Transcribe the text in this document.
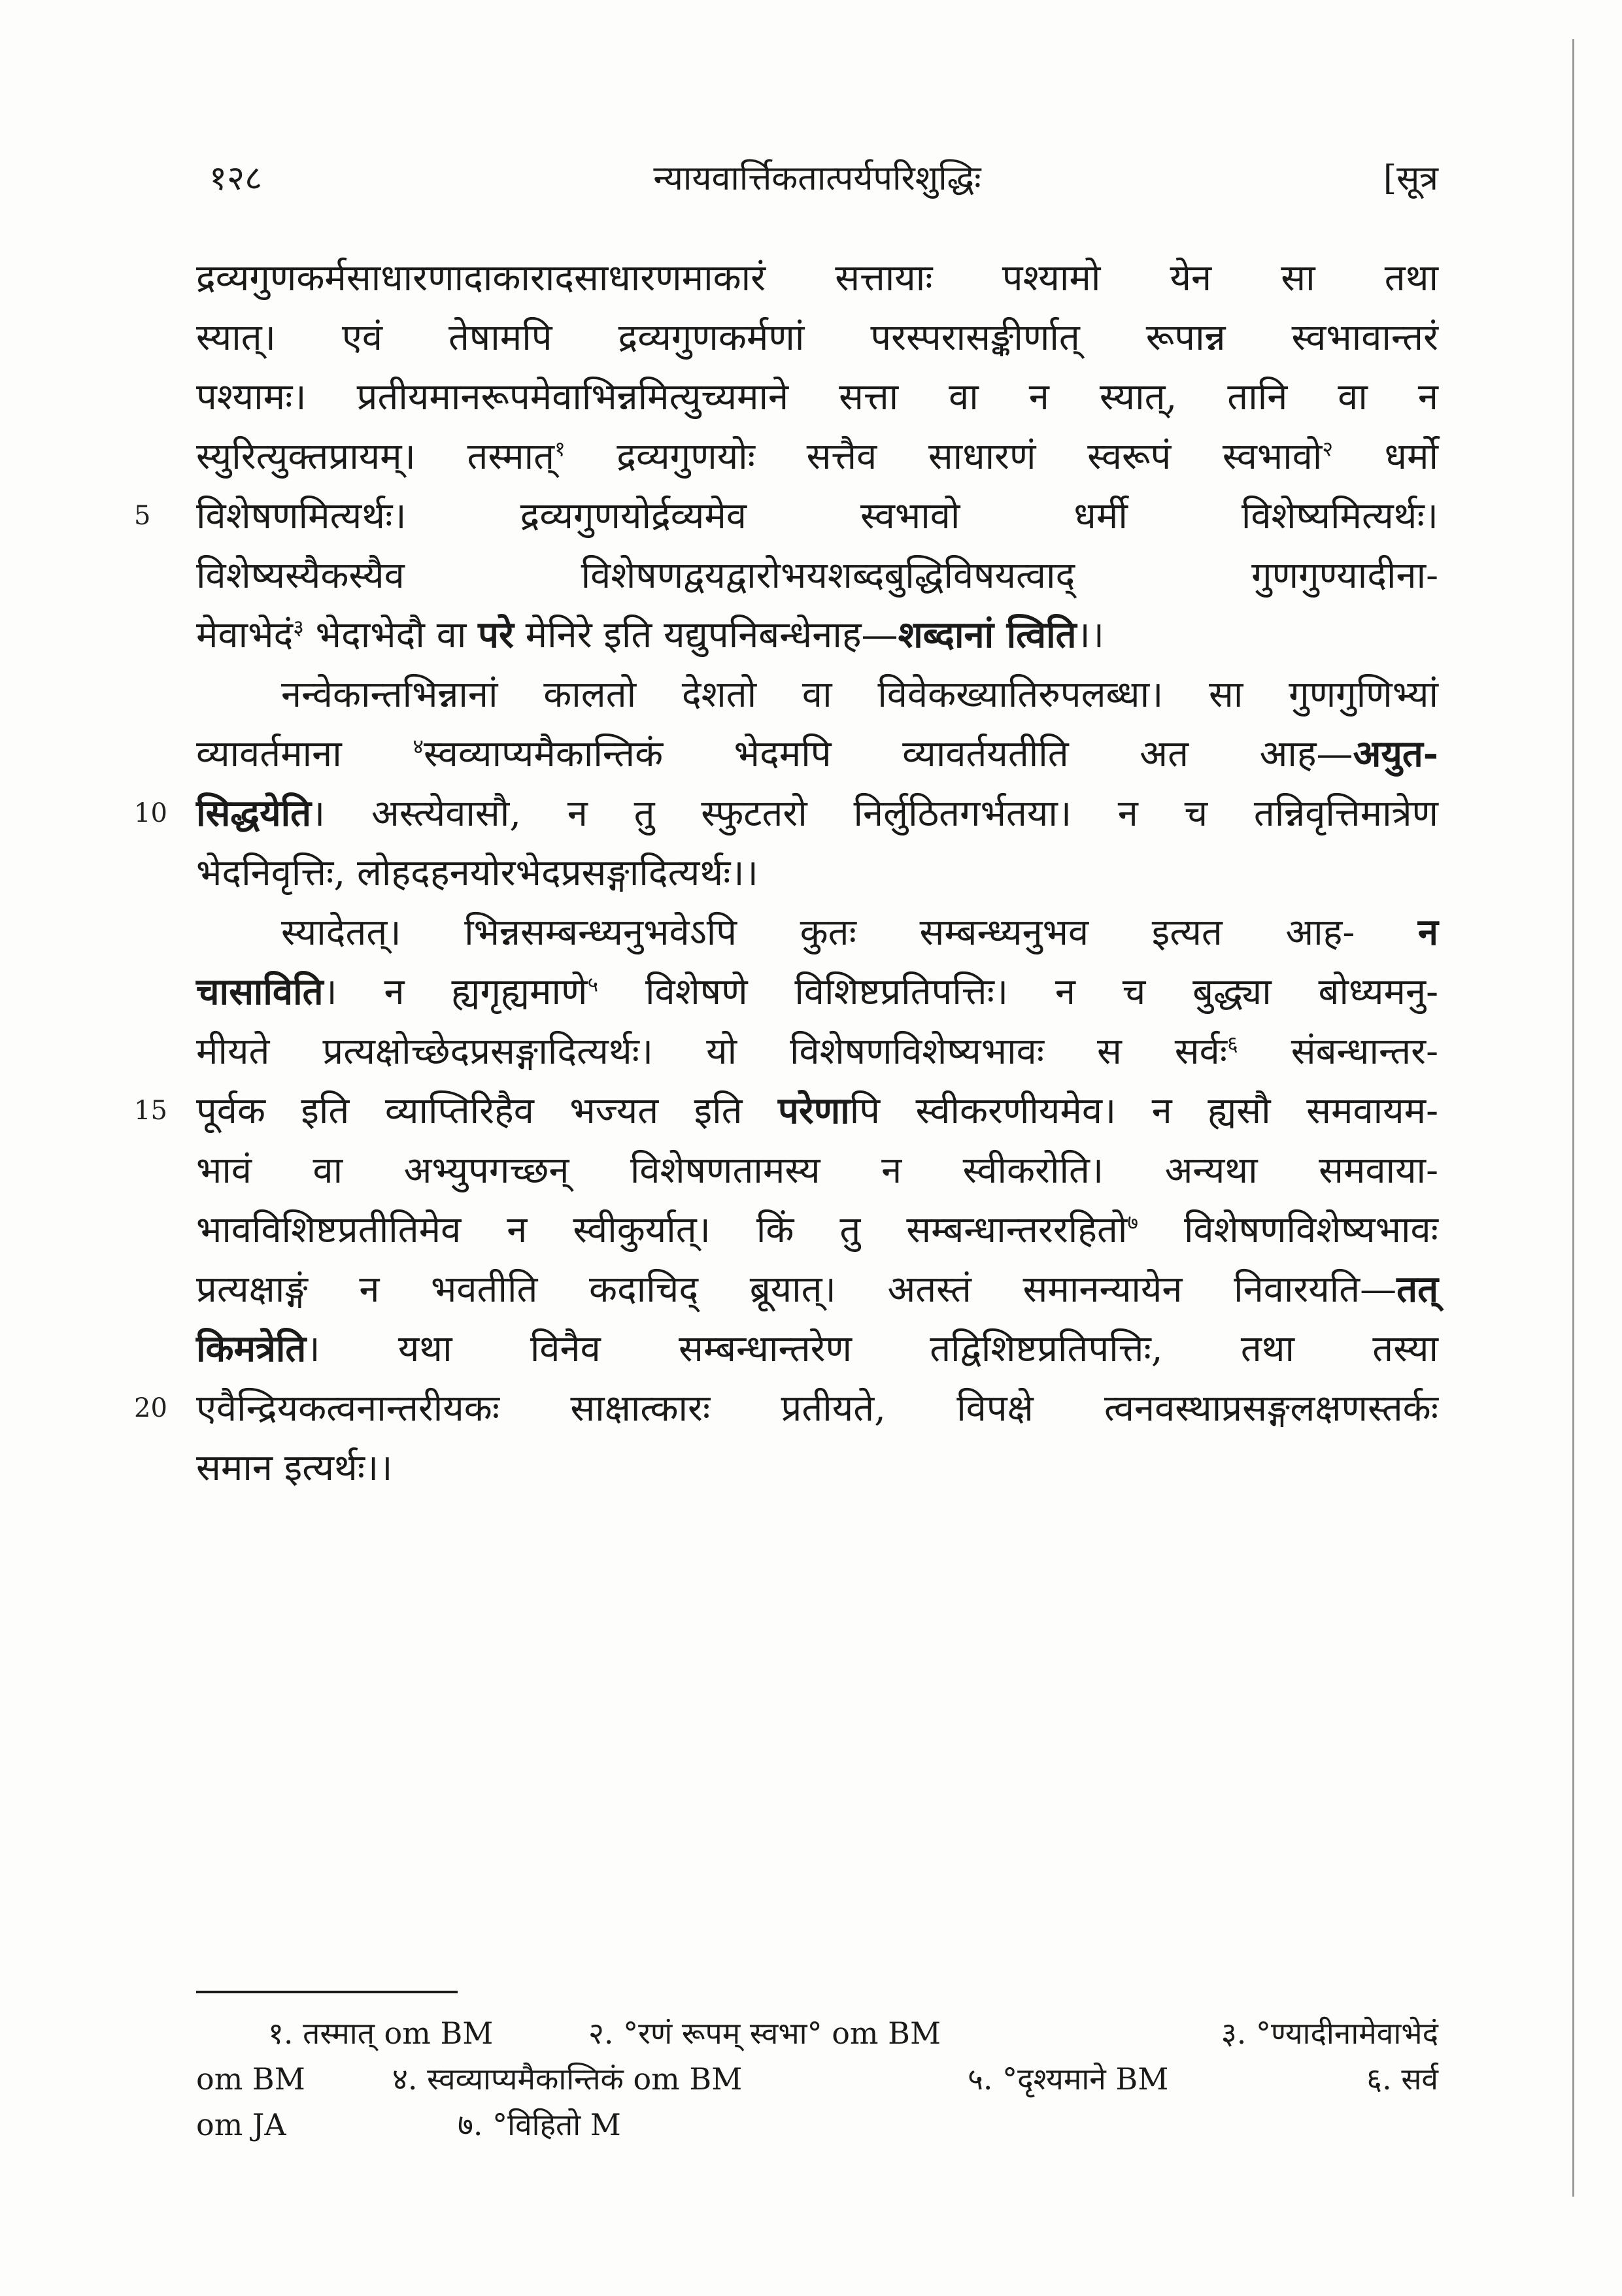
१२८	न्यायवार्त्तिकतात्पर्यपरिशुद्धिः	[सूत्र
द्रव्यगुणकर्मसाधारणादाकारादसाधारणमाकारं सत्तायाः पश्यामो येन सा तथा
स्यात्। एवं तेषामपि द्रव्यगुणकर्मणां परस्परासङ्कीर्णात् रूपान्न स्वभावान्तरं
पश्यामः। प्रतीयमानरूपमेवाभिन्नमित्युच्यमाने सत्ता वा न स्यात्, तानि वा न
स्युरित्युक्तप्रायम्। तस्मात्$^१$ द्रव्यगुणयोः सत्तैव साधारणं स्वरूपं स्वभावो$^२$ धर्मो
5	विशेषणमित्यर्थः। द्रव्यगुणयोर्द्रव्यमेव स्वभावो धर्मी विशेष्यमित्यर्थः।
विशेष्यस्यैकस्यैव विशेषणद्वयद्वारोभयशब्दबुद्धिविषयत्वाद् गुणगुण्यादीना-
मेवाभेदं$^३$ भेदाभेदौ वा परे मेनिरे इति यद्युपनिबन्धेनाह—शब्दानां त्विति।।
नन्वेकान्तभिन्नानां कालतो देशतो वा विवेकख्यातिरुपलब्धा। सा गुणगुणिभ्यां
व्यावर्तमाना $^४$स्वव्याप्यमैकान्तिकं भेदमपि व्यावर्तयतीति अत आह—अयुत-
10 सिद्धयेति। अस्त्येवासौ, न तु स्फुटतरो निर्लुठितगर्भतया। न च तन्निवृत्तिमात्रेण
भेदनिवृत्तिः, लोहदहनयोरभेदप्रसङ्गादित्यर्थः।।
स्यादेतत्। भिन्नसम्बन्ध्यनुभवेऽपि कुतः सम्बन्ध्यनुभव इत्यत आह- न
चासाविति। न ह्यगृह्यमाणे$^५$ विशेषणे विशिष्टप्रतिपत्तिः। न च बुद्ध्या बोध्यमनु-
मीयते प्रत्यक्षोच्छेदप्रसङ्गादित्यर्थः। यो विशेषणविशेष्यभावः स सर्वः$^६$ संबन्धान्तर-
15 पूर्वक इति व्याप्तिरिहैव भज्यत इति परेणापि स्वीकरणीयमेव। न ह्यसौ समवायम-
भावं वा अभ्युपगच्छन् विशेषणतामस्य न स्वीकरोति। अन्यथा समवाया-
भावविशिष्टप्रतीतिमेव न स्वीकुर्यात्। किं तु सम्बन्धान्तररहितो$^७$ विशेषणविशेष्यभावः
प्रत्यक्षाङ्गं न भवतीति कदाचिद् ब्रूयात्। अतस्तं समानन्यायेन निवारयति—तत्
किमत्रेति। यथा विनैव सम्बन्धान्तरेण तद्विशिष्टप्रतिपत्तिः, तथा तस्या
20 एवैन्द्रियकत्वनान्तरीयकः साक्षात्कारः प्रतीयते, विपक्षे त्वनवस्थाप्रसङ्गलक्षणस्तर्कः
समान इत्यर्थः।।
१. तस्मात् om BM	२. °रणं रूपम् स्वभा° om BM	३. °ण्यादीनामेवाभेदं
om BM	४. स्वव्याप्यमैकान्तिकं om BM	५. °दृश्यमाने BM	६. सर्व
om JA	७. °विहितो M
